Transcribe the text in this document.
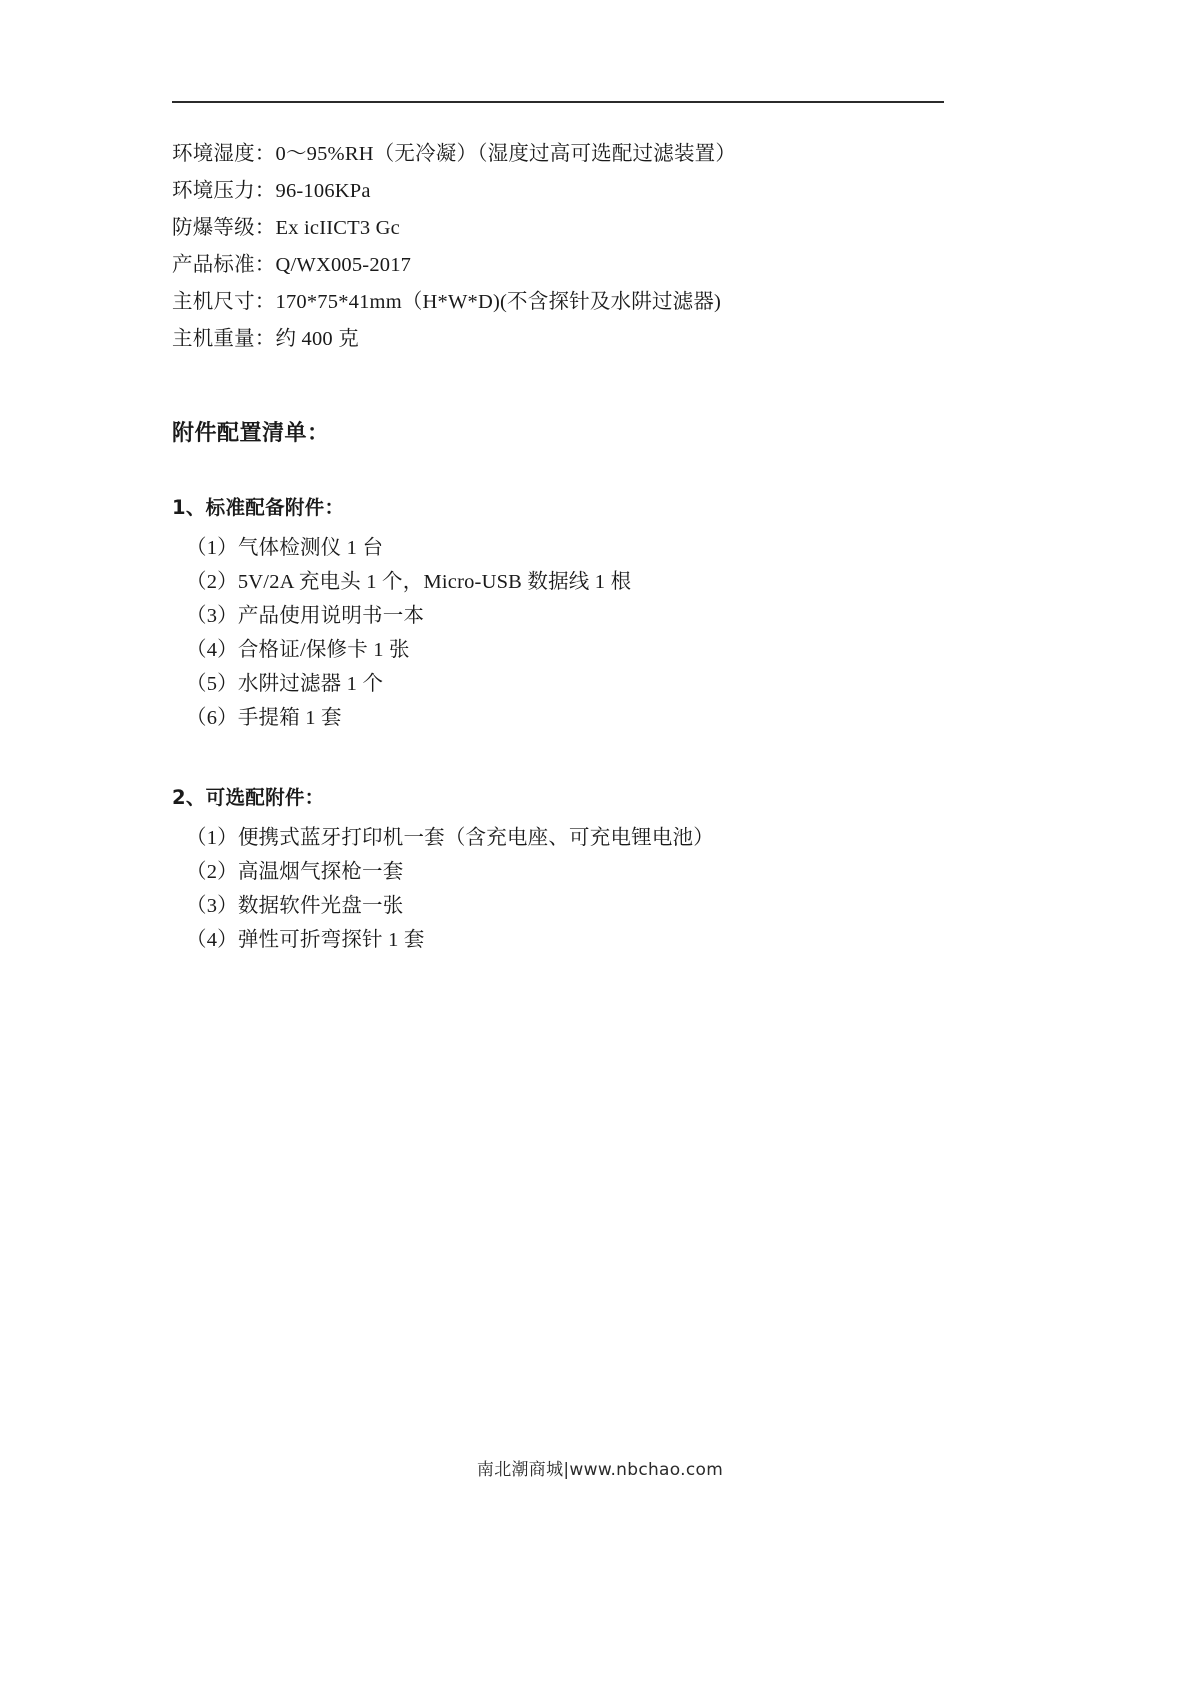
环境湿度：0～95%RH（无冷凝）（湿度过高可选配过滤装置）
环境压力：96-106KPa
防爆等级：Ex icIICT3 Gc
产品标准：Q/WX005-2017
主机尺寸：170*75*41mm（H*W*D)(不含探针及水阱过滤器)
主机重量：约 400 克
附件配置清单：
1、标准配备附件：
（1）气体检测仪 1 台
（2）5V/2A 充电头 1 个，Micro-USB 数据线 1 根
（3）产品使用说明书一本
（4）合格证/保修卡 1 张
（5）水阱过滤器 1 个
（6）手提箱 1 套
2、可选配附件：
（1）便携式蓝牙打印机一套（含充电座、可充电锂电池）
（2）高温烟气探枪一套
（3）数据软件光盘一张
（4）弹性可折弯探针 1 套
南北潮商城|www.nbchao.com
